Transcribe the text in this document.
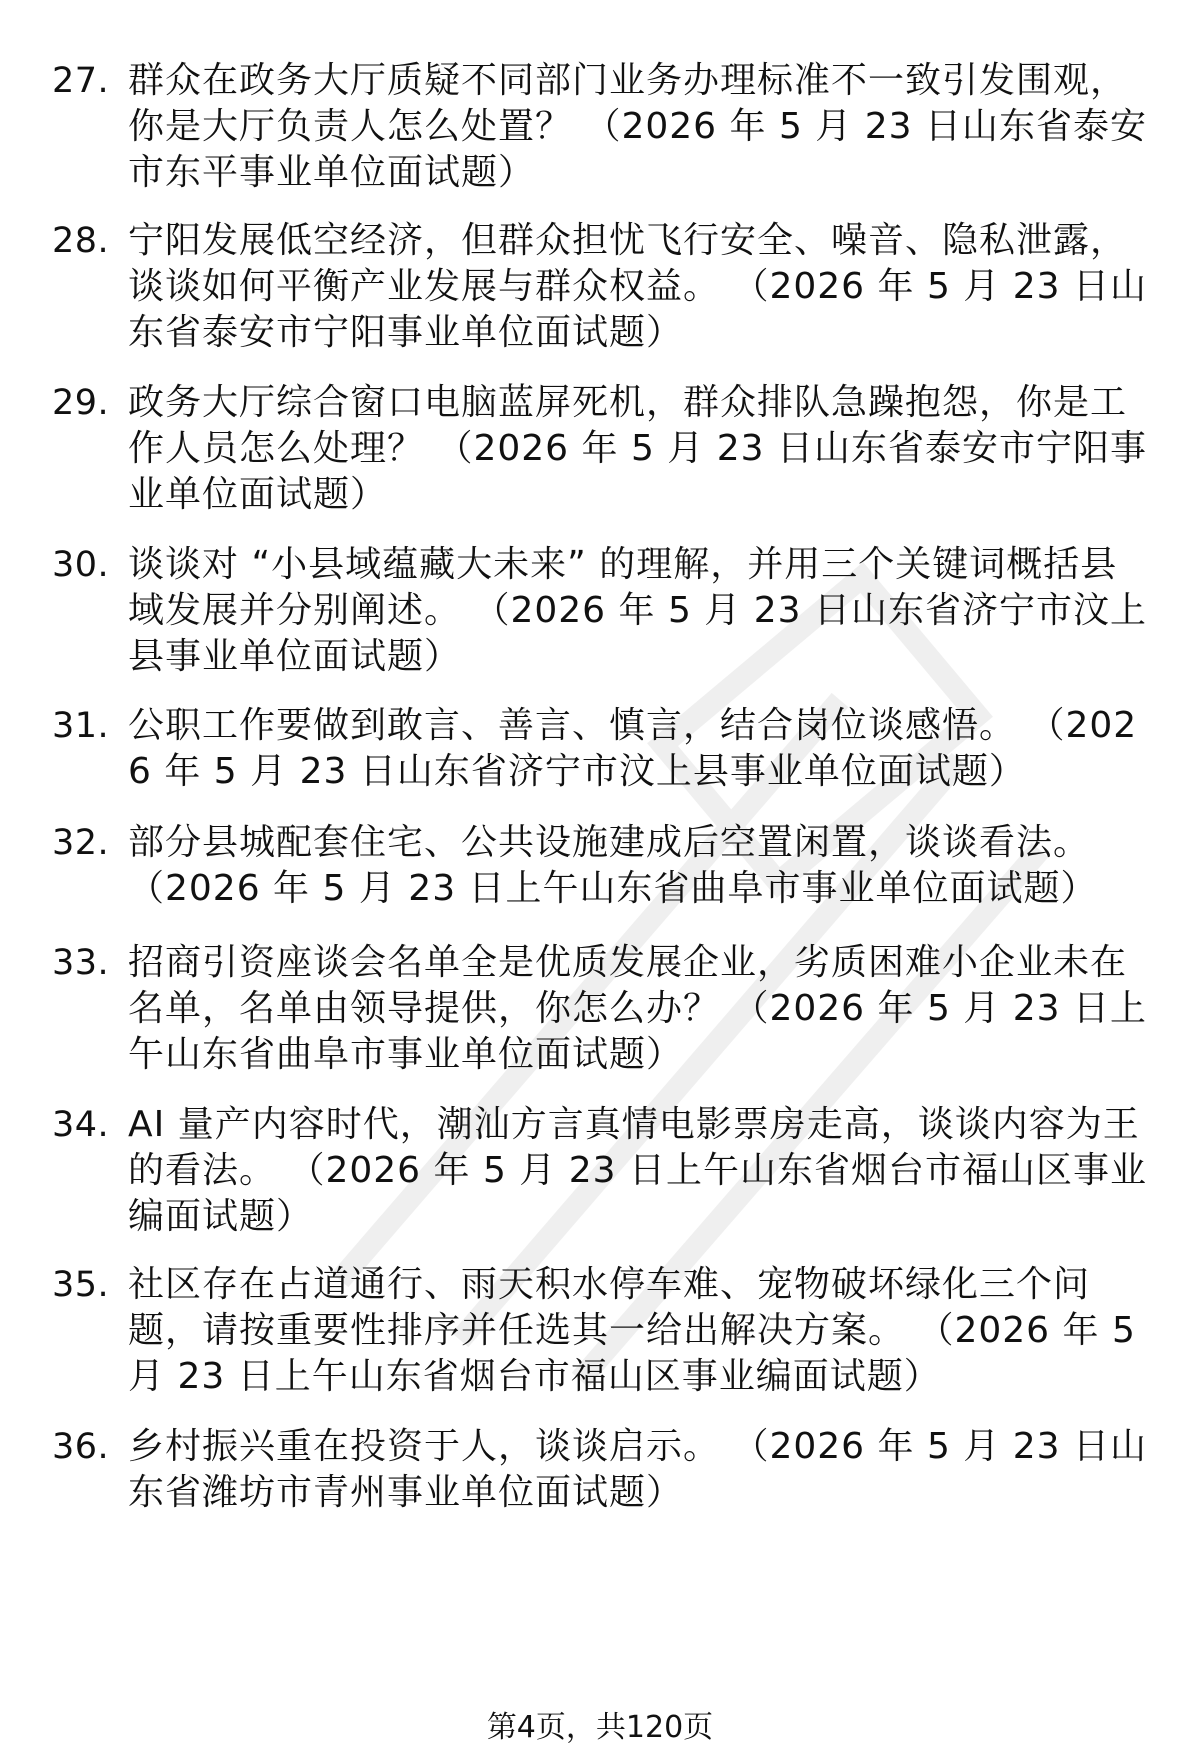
27. 群众在政务大厅质疑不同部门业务办理标准不一致引发围观，你是大厅负责人怎么处置？ （2026 年 5 月 23 日山东省泰安市东平事业单位面试题）
28. 宁阳发展低空经济，但群众担忧飞行安全、噪音、隐私泄露，谈谈如何平衡产业发展与群众权益。 （2026 年 5 月 23 日山东省泰安市宁阳事业单位面试题）
29. 政务大厅综合窗口电脑蓝屏死机，群众排队急躁抱怨，你是工作人员怎么处理？ （2026 年 5 月 23 日山东省泰安市宁阳事业单位面试题）
30. 谈谈对 “小县域蕴藏大未来” 的理解，并用三个关键词概括县域发展并分别阐述。 （2026 年 5 月 23 日山东省济宁市汶上县事业单位面试题）
31. 公职工作要做到敢言、善言、慎言，结合岗位谈感悟。 （2026 年 5 月 23 日山东省济宁市汶上县事业单位面试题）
32. 部分县城配套住宅、公共设施建成后空置闲置，谈谈看法。 （2026 年 5 月 23 日上午山东省曲阜市事业单位面试题）
33. 招商引资座谈会名单全是优质发展企业，劣质困难小企业未在名单，名单由领导提供，你怎么办？ （2026 年 5 月 23 日上午山东省曲阜市事业单位面试题）
34. AI 量产内容时代，潮汕方言真情电影票房走高，谈谈内容为王的看法。 （2026 年 5 月 23 日上午山东省烟台市福山区事业编面试题）
35. 社区存在占道通行、雨天积水停车难、宠物破坏绿化三个问题，请按重要性排序并任选其一给出解决方案。 （2026 年 5 月 23 日上午山东省烟台市福山区事业编面试题）
36. 乡村振兴重在投资于人，谈谈启示。 （2026 年 5 月 23 日山东省潍坊市青州事业单位面试题）
第4页，共120页
